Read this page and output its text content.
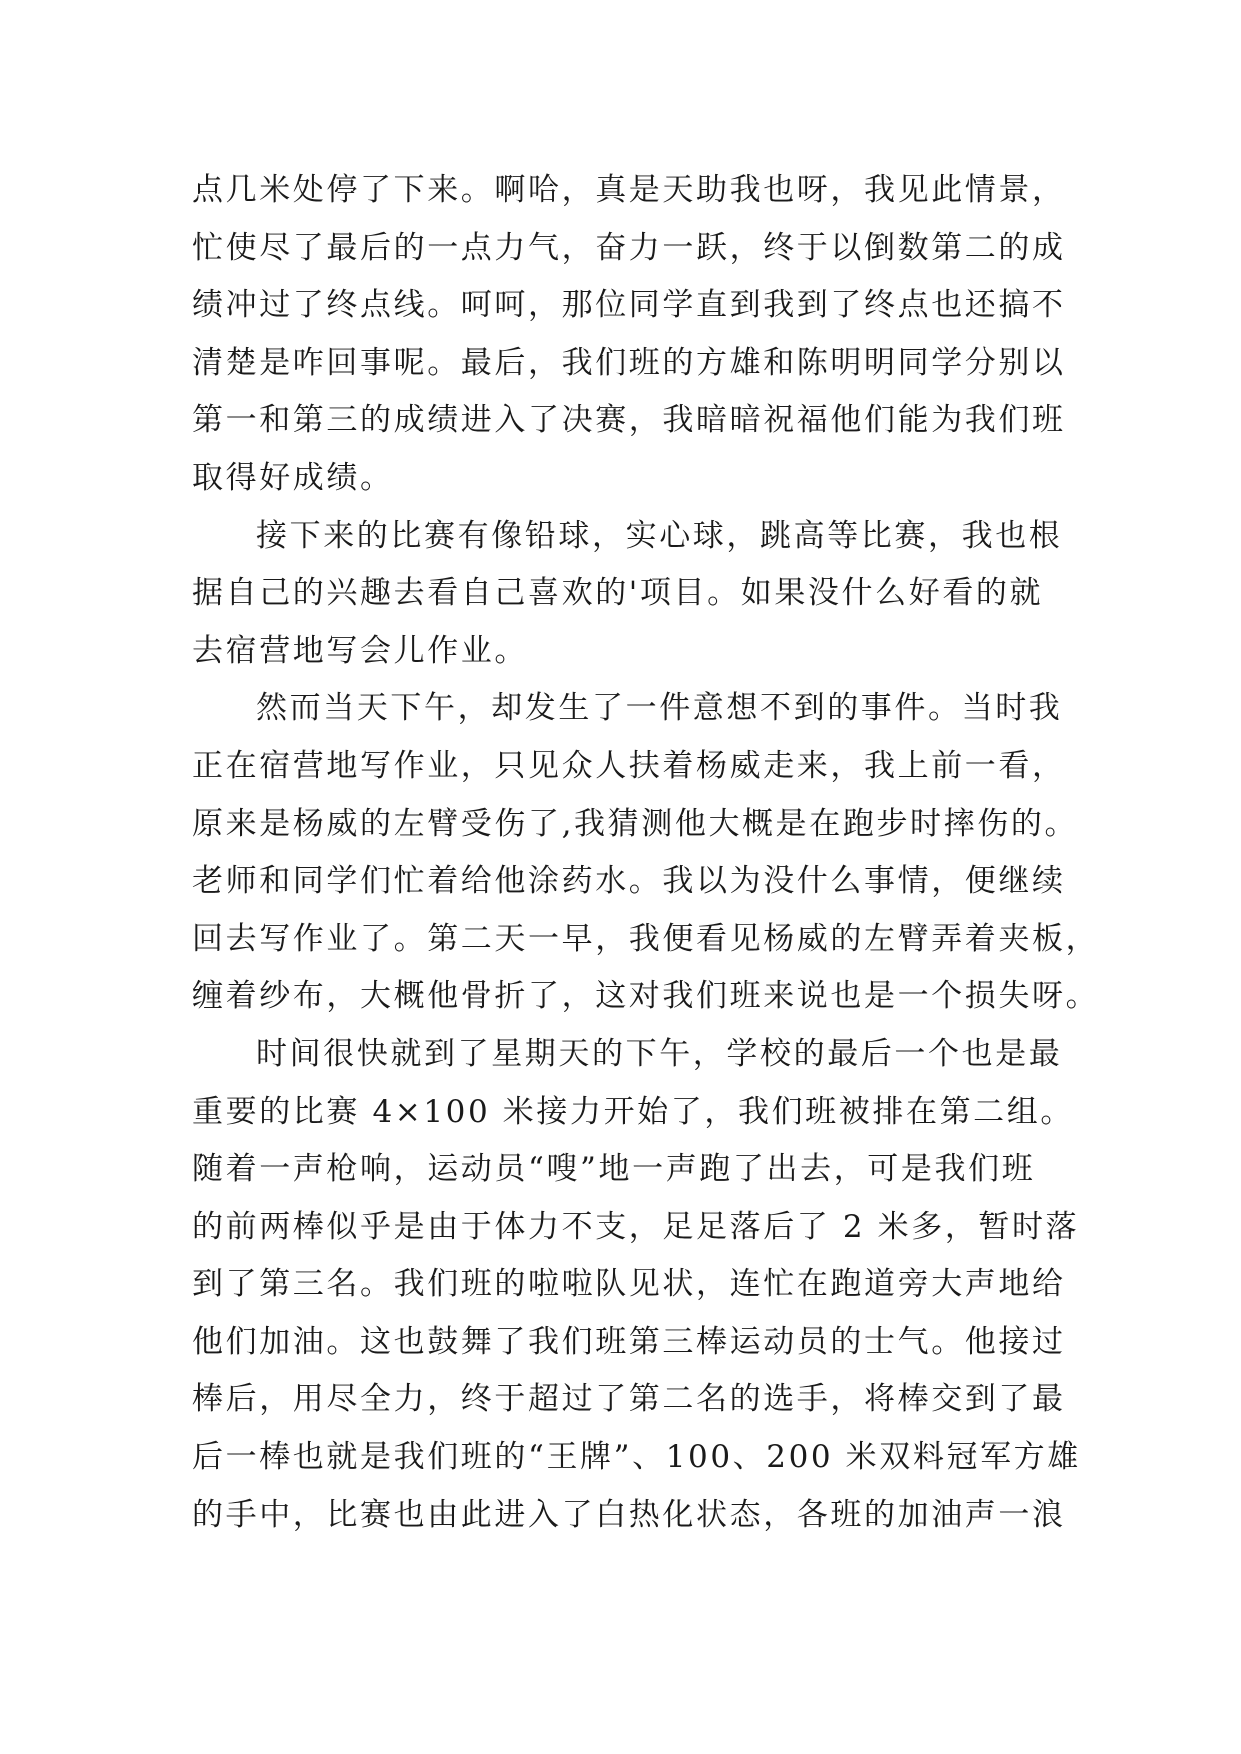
点几米处停了下来。啊哈，真是天助我也呀，我见此情景，
忙使尽了最后的一点力气，奋力一跃，终于以倒数第二的成
绩冲过了终点线。呵呵，那位同学直到我到了终点也还搞不
清楚是咋回事呢。最后，我们班的方雄和陈明明同学分别以
第一和第三的成绩进入了决赛，我暗暗祝福他们能为我们班
取得好成绩。
接下来的比赛有像铅球，实心球，跳高等比赛，我也根
据自己的兴趣去看自己喜欢的'项目。如果没什么好看的就
去宿营地写会儿作业。
然而当天下午，却发生了一件意想不到的事件。当时我
正在宿营地写作业，只见众人扶着杨威走来，我上前一看，
原来是杨威的左臂受伤了,我猜测他大概是在跑步时摔伤的。
老师和同学们忙着给他涂药水。我以为没什么事情，便继续
回去写作业了。第二天一早，我便看见杨威的左臂弄着夹板，
缠着纱布，大概他骨折了，这对我们班来说也是一个损失呀。
时间很快就到了星期天的下午，学校的最后一个也是最
重要的比赛 4×100 米接力开始了，我们班被排在第二组。
随着一声枪响，运动员“嗖”地一声跑了出去，可是我们班
的前两棒似乎是由于体力不支，足足落后了 2 米多，暂时落
到了第三名。我们班的啦啦队见状，连忙在跑道旁大声地给
他们加油。这也鼓舞了我们班第三棒运动员的士气。他接过
棒后，用尽全力，终于超过了第二名的选手，将棒交到了最
后一棒也就是我们班的“王牌”、100、200 米双料冠军方雄
的手中，比赛也由此进入了白热化状态，各班的加油声一浪
